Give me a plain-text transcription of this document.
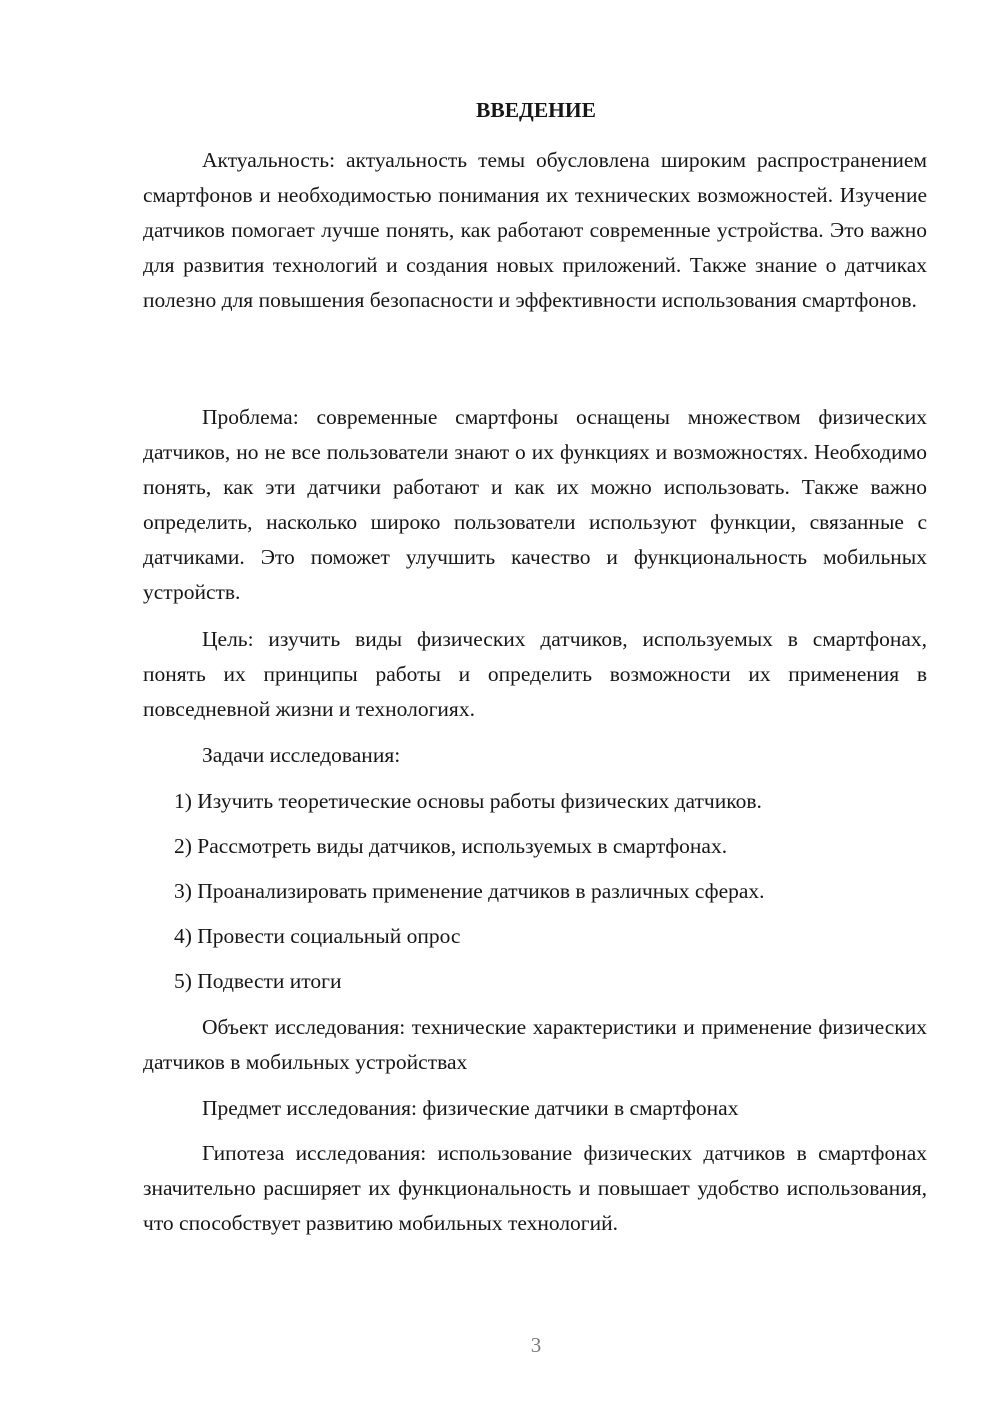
ВВЕДЕНИЕ

Актуальность: актуальность темы обусловлена широким распространением смартфонов и необходимостью понимания их технических возможностей. Изучение датчиков помогает лучше понять, как работают современные устройства. Это важно для развития технологий и создания новых приложений. Также знание о датчиках полезно для повышения безопасности и эффективности использования смартфонов.

Проблема: современные смартфоны оснащены множеством физических датчиков, но не все пользователи знают о их функциях и возможностях. Необходимо понять, как эти датчики работают и как их можно использовать. Также важно определить, насколько широко пользователи используют функции, связанные с датчиками. Это поможет улучшить качество и функциональность мобильных устройств.

Цель: изучить виды физических датчиков, используемых в смартфонах, понять их принципы работы и определить возможности их применения в повседневной жизни и технологиях.

Задачи исследования:

1) Изучить теоретические основы работы физических датчиков.

2) Рассмотреть виды датчиков, используемых в смартфонах.

3) Проанализировать применение датчиков в различных сферах.

4) Провести социальный опрос

5) Подвести итоги

Объект исследования: технические характеристики и применение физических датчиков в мобильных устройствах

Предмет исследования: физические датчики в смартфонах

Гипотеза исследования: использование физических датчиков в смартфонах значительно расширяет их функциональность и повышает удобство использования, что способствует развитию мобильных технологий.

3
